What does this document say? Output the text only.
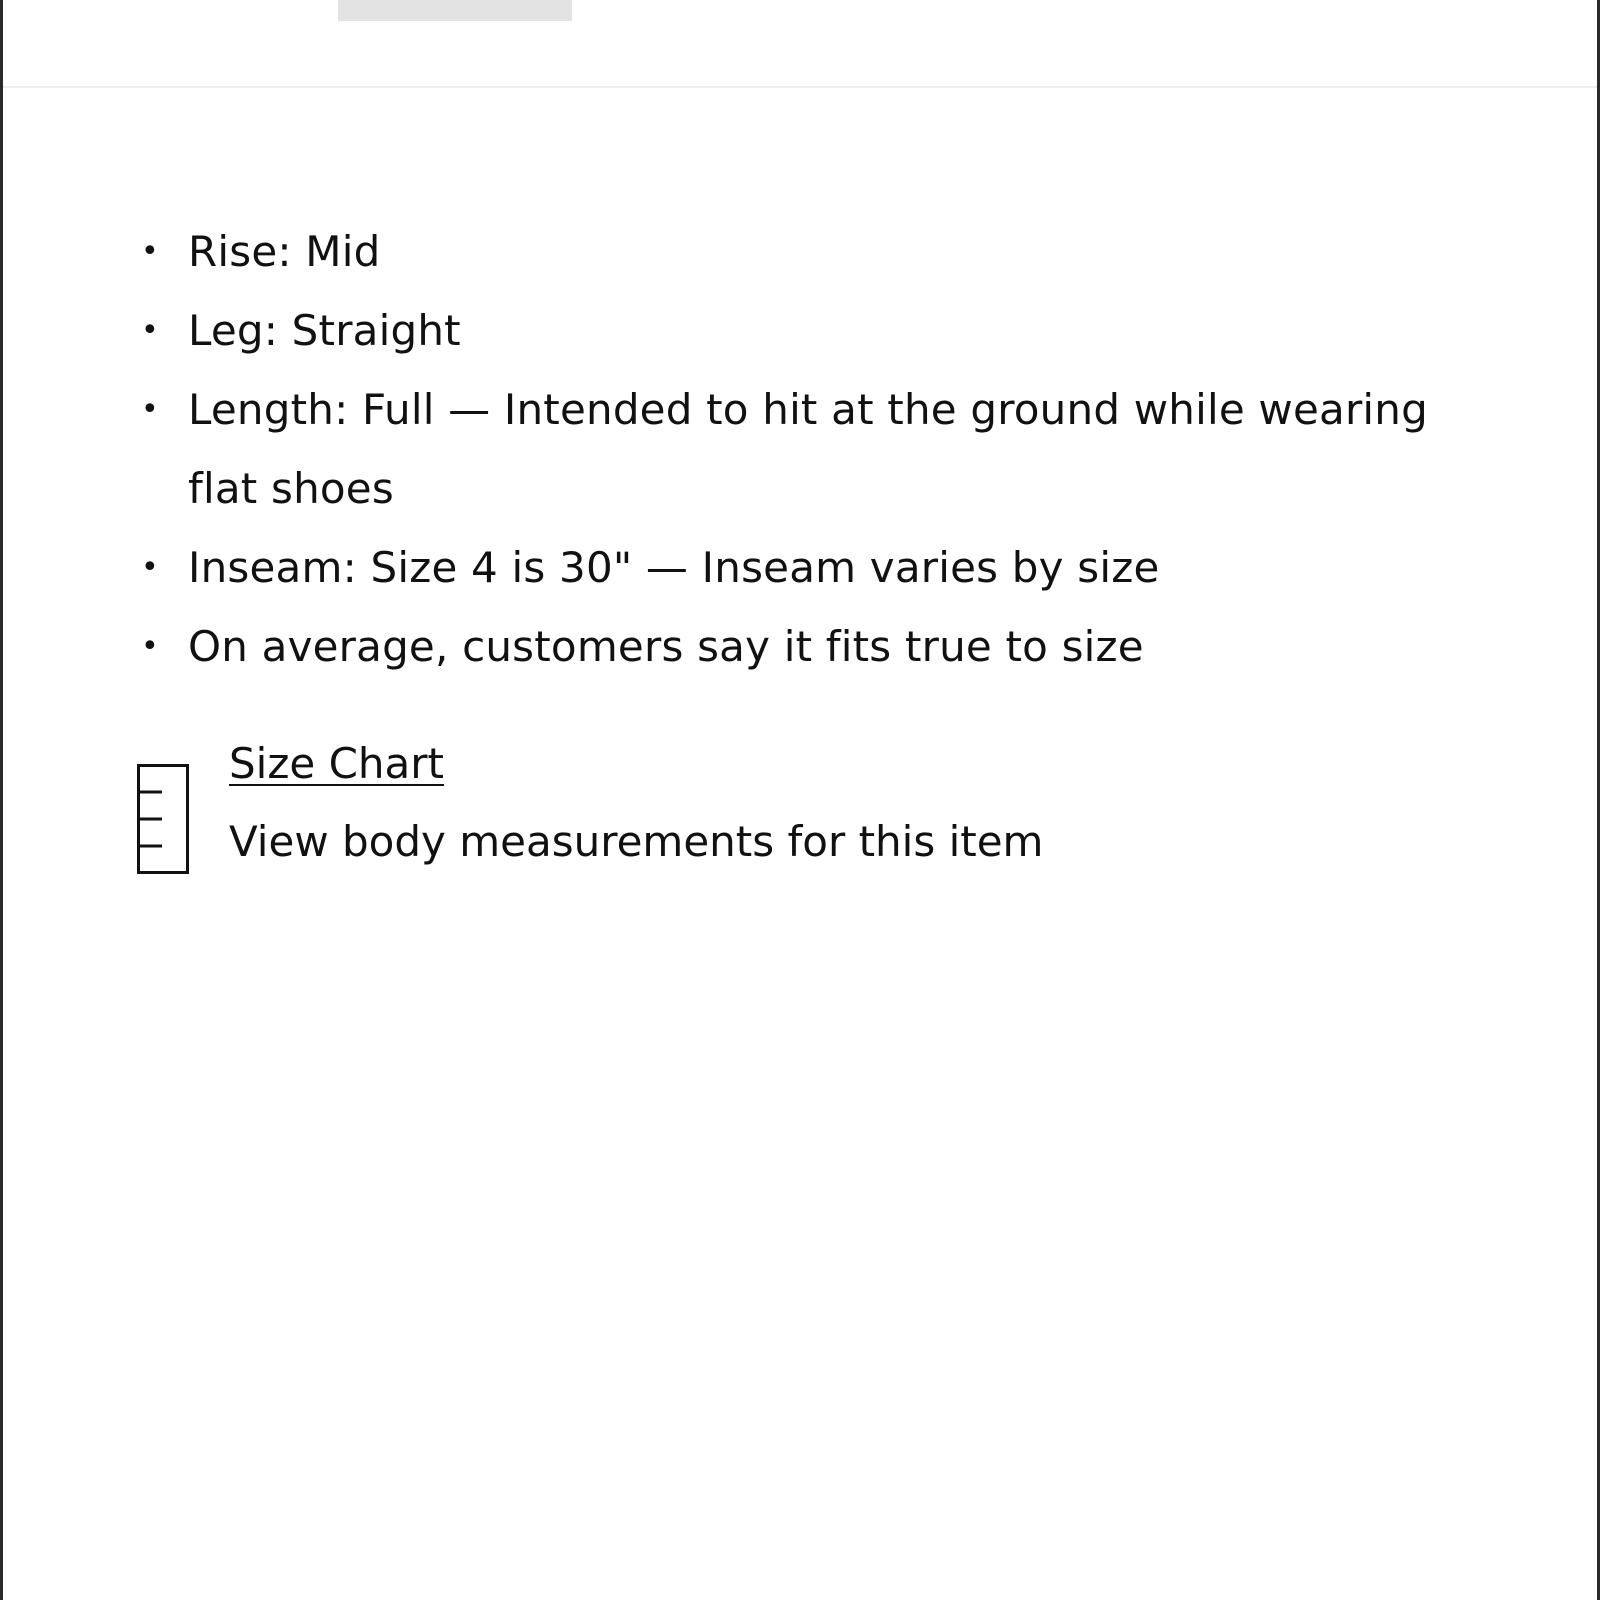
• Rise: Mid
• Leg: Straight
• Length: Full — Intended to hit at the ground while wearing flat shoes
• Inseam: Size 4 is 30" — Inseam varies by size
• On average, customers say it fits true to size
Size Chart
View body measurements for this item
